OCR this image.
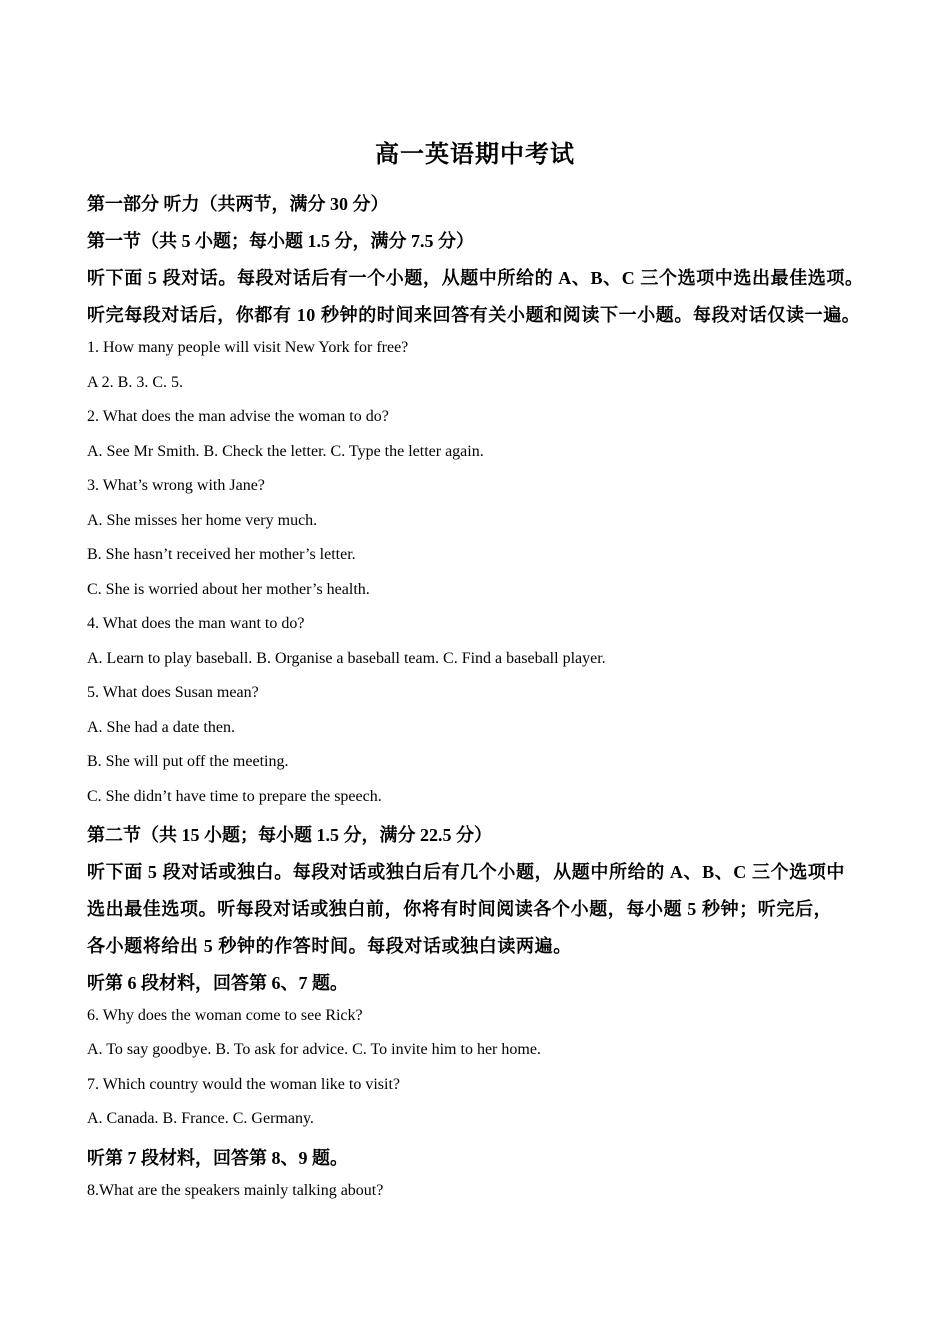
高一英语期中考试
第一部分 听力（共两节，满分 30 分）
第一节（共 5 小题；每小题 1.5 分，满分 7.5 分）
听下面 5 段对话。每段对话后有一个小题，从题中所给的 A、B、C 三个选项中选出最佳选项。
听完每段对话后，你都有 10 秒钟的时间来回答有关小题和阅读下一小题。每段对话仅读一遍。
1. How many people will visit New York for free?
A 2. B. 3. C. 5.
2. What does the man advise the woman to do?
A. See Mr Smith. B. Check the letter. C. Type the letter again.
3. What’s wrong with Jane?
A. She misses her home very much.
B. She hasn’t received her mother’s letter.
C. She is worried about her mother’s health.
4. What does the man want to do?
A. Learn to play baseball. B. Organise a baseball team. C. Find a baseball player.
5. What does Susan mean?
A. She had a date then.
B. She will put off the meeting.
C. She didn’t have time to prepare the speech.
第二节（共 15 小题；每小题 1.5 分，满分 22.5 分）
听下面 5 段对话或独白。每段对话或独白后有几个小题，从题中所给的 A、B、C 三个选项中
选出最佳选项。听每段对话或独白前，你将有时间阅读各个小题，每小题 5 秒钟；听完后，
各小题将给出 5 秒钟的作答时间。每段对话或独白读两遍。
听第 6 段材料，回答第 6、7 题。
6. Why does the woman come to see Rick?
A. To say goodbye. B. To ask for advice. C. To invite him to her home.
7. Which country would the woman like to visit?
A. Canada. B. France. C. Germany.
听第 7 段材料，回答第 8、9 题。
8.What are the speakers mainly talking about?
